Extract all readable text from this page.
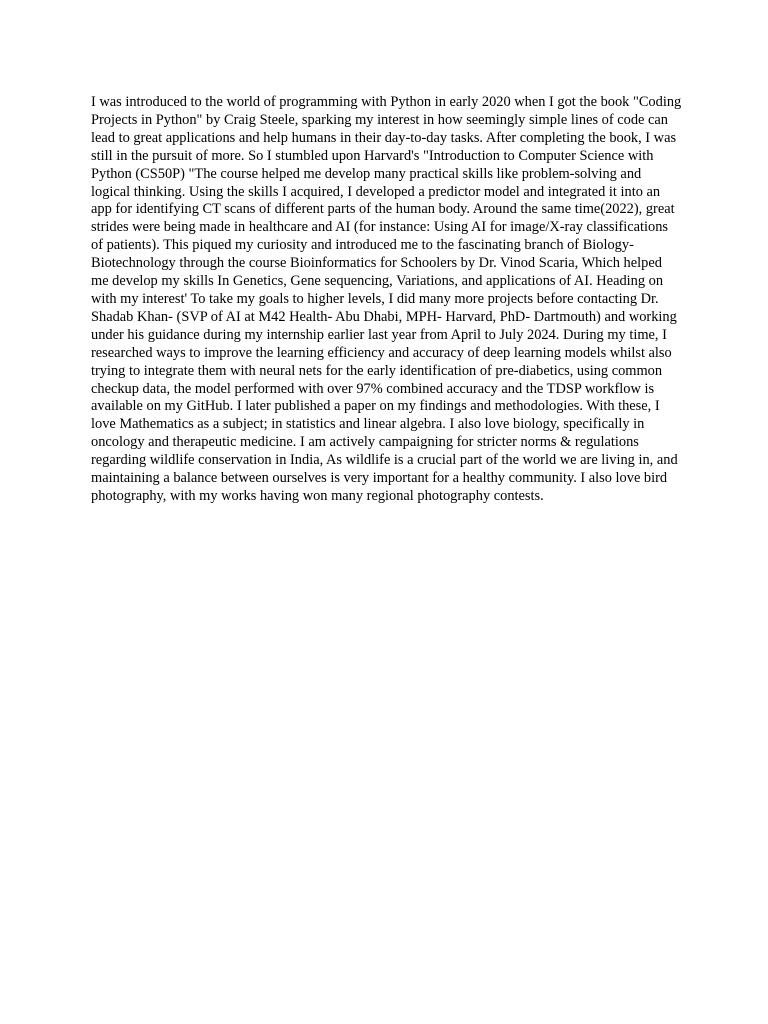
I was introduced to the world of programming with Python in early 2020 when I got the book "Coding Projects in Python" by Craig Steele, sparking my interest in how seemingly simple lines of code can lead to great applications and help humans in their day-to-day tasks. After completing the book, I was still in the pursuit of more. So I stumbled upon Harvard's "Introduction to Computer Science with Python (CS50P) "The course helped me develop many practical skills like problem-solving and logical thinking. Using the skills I acquired, I developed a predictor model and integrated it into an app for identifying CT scans of different parts of the human body. Around the same time(2022), great strides were being made in healthcare and AI (for instance: Using AI for image/X-ray classifications of patients). This piqued my curiosity and introduced me to the fascinating branch of Biology- Biotechnology through the course Bioinformatics for Schoolers by Dr. Vinod Scaria, Which helped me develop my skills In Genetics, Gene sequencing, Variations, and applications of AI. Heading on with my interest' To take my goals to higher levels, I did many more projects before contacting Dr. Shadab Khan- (SVP of AI at M42 Health- Abu Dhabi, MPH- Harvard, PhD- Dartmouth) and working under his guidance during my internship earlier last year from April to July 2024. During my time, I researched ways to improve the learning efficiency and accuracy of deep learning models whilst also trying to integrate them with neural nets for the early identification of pre-diabetics, using common checkup data, the model performed with over 97% combined accuracy and the TDSP workflow is available on my GitHub. I later published a paper on my findings and methodologies. With these, I love Mathematics as a subject; in statistics and linear algebra. I also love biology, specifically in oncology and therapeutic medicine. I am actively campaigning for stricter norms & regulations regarding wildlife conservation in India, As wildlife is a crucial part of the world we are living in, and maintaining a balance between ourselves is very important for a healthy community. I also love bird photography, with my works having won many regional photography contests.
